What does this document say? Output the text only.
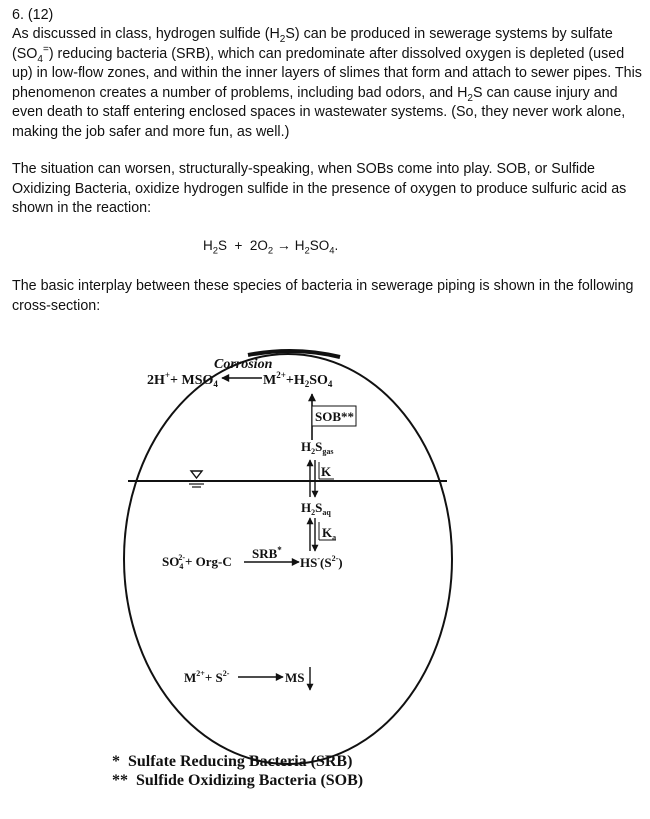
6. (12)
As discussed in class, hydrogen sulfide $(H_2S)$ can be produced in sewerage systems by sulfate $(SO_4^=)$ reducing bacteria (SRB), which can predominate after dissolved oxygen is depleted (used up) in low-flow zones, and within the inner layers of slimes that form and attach to sewer pipes. This phenomenon creates a number of problems, including bad odors, and $H_2S$ can cause injury and even death to staff entering enclosed spaces in wastewater systems. (So, they never work alone, making the job safer and more fun, as well.)
The situation can worsen, structurally-speaking, when SOBs come into play. SOB, or Sulfide Oxidizing Bacteria, oxidize hydrogen sulfide in the presence of oxygen to produce sulfuric acid as shown in the reaction:
$H_2S + 2O_2 \to H_2SO_4$.
The basic interplay between these species of bacteria in sewerage piping is shown in the following cross-section:
Corrosion
$2H^++ MSO_4$	$M^{2+}+H_2SO_4$
SOB**
$H_2S_{gas}$
K
$H_2S_{aq}$
$K_a$
$SO_42-+ Org-C$
SRB*
$HS^-(S^{2-})$
$M^{2+}+ S^{2-}$	MS
*  Sulfate Reducing Bacteria (SRB)
**  Sulfide Oxidizing Bacteria (SOB)
